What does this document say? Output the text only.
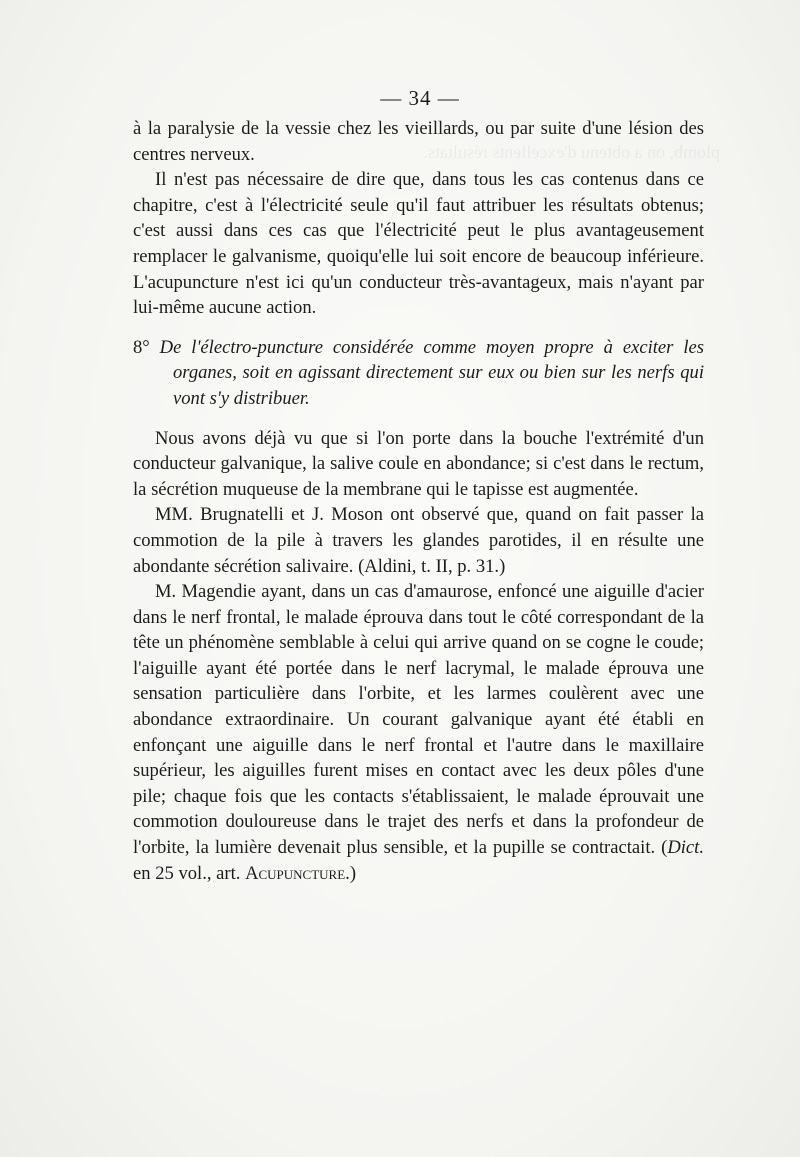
plomb, on a obtenu d'excellents résultats.
— 34 —

à la paralysie de la vessie chez les vieillards, ou par suite d'une lésion des centres nerveux.

Il n'est pas nécessaire de dire que, dans tous les cas contenus dans ce chapitre, c'est à l'électricité seule qu'il faut attribuer les résultats obtenus; c'est aussi dans ces cas que l'électricité peut le plus avantageusement remplacer le galvanisme, quoiqu'elle lui soit encore de beaucoup inférieure. L'acupuncture n'est ici qu'un conducteur très-avantageux, mais n'ayant par lui-même aucune action.

8° De l'électro-puncture considérée comme moyen propre à exciter les organes, soit en agissant directement sur eux ou bien sur les nerfs qui vont s'y distribuer.

Nous avons déjà vu que si l'on porte dans la bouche l'extrémité d'un conducteur galvanique, la salive coule en abondance; si c'est dans le rectum, la sécrétion muqueuse de la membrane qui le tapisse est augmentée.

MM. Brugnatelli et J. Moson ont observé que, quand on fait passer la commotion de la pile à travers les glandes parotides, il en résulte une abondante sécrétion salivaire. (Aldini, t. II, p. 31.)

M. Magendie ayant, dans un cas d'amaurose, enfoncé une aiguille d'acier dans le nerf frontal, le malade éprouva dans tout le côté correspondant de la tête un phénomène semblable à celui qui arrive quand on se cogne le coude; l'aiguille ayant été portée dans le nerf lacrymal, le malade éprouva une sensation particulière dans l'orbite, et les larmes coulèrent avec une abondance extraordinaire. Un courant galvanique ayant été établi en enfonçant une aiguille dans le nerf frontal et l'autre dans le maxillaire supérieur, les aiguilles furent mises en contact avec les deux pôles d'une pile; chaque fois que les contacts s'établissaient, le malade éprouvait une commotion douloureuse dans le trajet des nerfs et dans la profondeur de l'orbite, la lumière devenait plus sensible, et la pupille se contractait. (Dict. en 25 vol., art. Acupuncture.)
